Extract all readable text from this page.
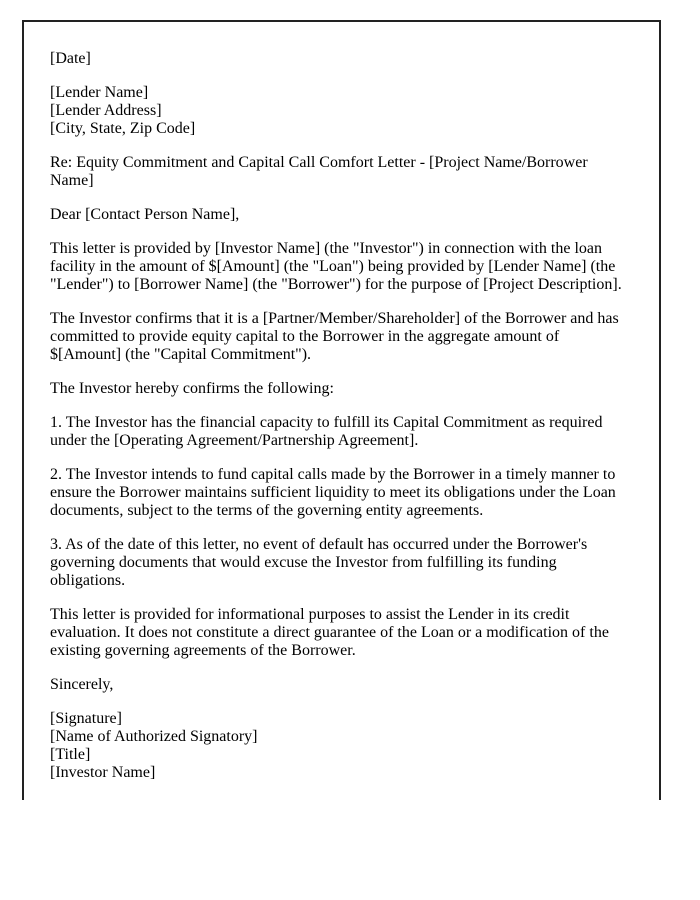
[Date]

[Lender Name]
[Lender Address]
[City, State, Zip Code]

Re: Equity Commitment and Capital Call Comfort Letter - [Project Name/Borrower Name]

Dear [Contact Person Name],

This letter is provided by [Investor Name] (the "Investor") in connection with the loan facility in the amount of $[Amount] (the "Loan") being provided by [Lender Name] (the "Lender") to [Borrower Name] (the "Borrower") for the purpose of [Project Description].

The Investor confirms that it is a [Partner/Member/Shareholder] of the Borrower and has committed to provide equity capital to the Borrower in the aggregate amount of $[Amount] (the "Capital Commitment").

The Investor hereby confirms the following:

1. The Investor has the financial capacity to fulfill its Capital Commitment as required under the [Operating Agreement/Partnership Agreement].

2. The Investor intends to fund capital calls made by the Borrower in a timely manner to ensure the Borrower maintains sufficient liquidity to meet its obligations under the Loan documents, subject to the terms of the governing entity agreements.

3. As of the date of this letter, no event of default has occurred under the Borrower's governing documents that would excuse the Investor from fulfilling its funding obligations.

This letter is provided for informational purposes to assist the Lender in its credit evaluation. It does not constitute a direct guarantee of the Loan or a modification of the existing governing agreements of the Borrower.

Sincerely,

[Signature]
[Name of Authorized Signatory]
[Title]
[Investor Name]
